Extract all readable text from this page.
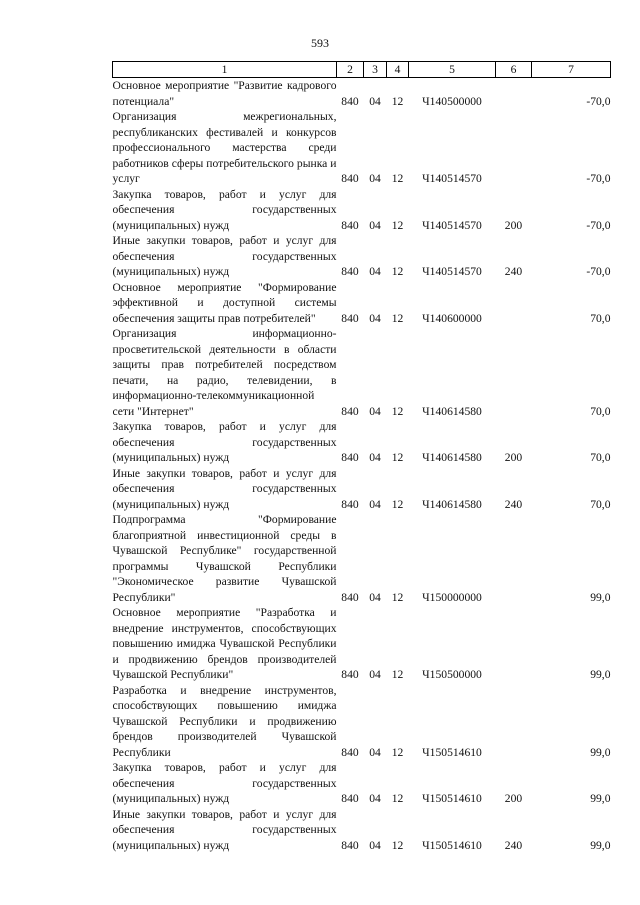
593
1	2	3	4	5	6	7
Основное мероприятие "Развитие кадрового потенциала"	840	04	12	Ч140500000		-70,0
Организация межрегиональных, республиканских фестивалей и конкурсов профессионального мастерства среди работников сферы потребительского рынка и услуг	840	04	12	Ч140514570		-70,0
Закупка товаров, работ и услуг для обеспечения государственных (муниципальных) нужд	840	04	12	Ч140514570	200	-70,0
Иные закупки товаров, работ и услуг для обеспечения государственных (муниципальных) нужд	840	04	12	Ч140514570	240	-70,0
Основное мероприятие "Формирование эффективной и доступной системы обеспечения защиты прав потребителей"	840	04	12	Ч140600000		70,0
Организация информационно-просветительской деятельности в области защиты прав потребителей посредством печати, на радио, телевидении, в информационно-телекоммуникационной сети "Интернет"	840	04	12	Ч140614580		70,0
Закупка товаров, работ и услуг для обеспечения государственных (муниципальных) нужд	840	04	12	Ч140614580	200	70,0
Иные закупки товаров, работ и услуг для обеспечения государственных (муниципальных) нужд	840	04	12	Ч140614580	240	70,0
Подпрограмма "Формирование благоприятной инвестиционной среды в Чувашской Республике" государственной программы Чувашской Республики "Экономическое развитие Чувашской Республики"	840	04	12	Ч150000000		99,0
Основное мероприятие "Разработка и внедрение инструментов, способствующих повышению имиджа Чувашской Республики и продвижению брендов производителей Чувашской Республики"	840	04	12	Ч150500000		99,0
Разработка и внедрение инструментов, способствующих повышению имиджа Чувашской Республики и продвижению брендов производителей Чувашской Республики	840	04	12	Ч150514610		99,0
Закупка товаров, работ и услуг для обеспечения государственных (муниципальных) нужд	840	04	12	Ч150514610	200	99,0
Иные закупки товаров, работ и услуг для обеспечения государственных (муниципальных) нужд	840	04	12	Ч150514610	240	99,0
